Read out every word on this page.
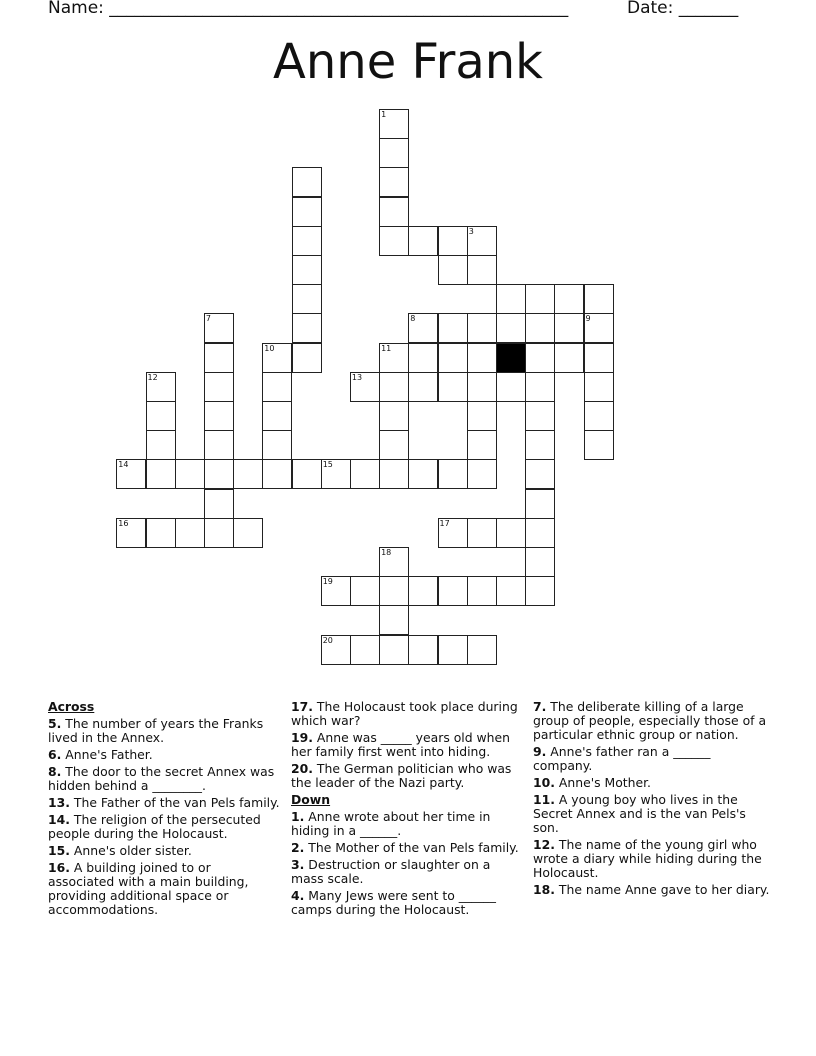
Name: ______________________________________________________	Date: _______
Anne Frank
1
3
8	9
11
13
7
10
12
14
16
15
17
18
19
20
Across
5. The number of years the Franks lived in the Annex.
6. Anne's Father.
8. The door to the secret Annex was hidden behind a ________.
13. The Father of the van Pels family.
14. The religion of the persecuted people during the Holocaust.
15. Anne's older sister.
16. A building joined to or associated with a main building, providing additional space or accommodations.
17. The Holocaust took place during which war?
19. Anne was _____ years old when her family first went into hiding.
20. The German politician who was the leader of the Nazi party.
Down
1. Anne wrote about her time in hiding in a ______.
2. The Mother of the van Pels family.
3. Destruction or slaughter on a mass scale.
4. Many Jews were sent to ______ camps during the Holocaust.
7. The deliberate killing of a large group of people, especially those of a particular ethnic group or nation.
9. Anne's father ran a ______ company.
10. Anne's Mother.
11. A young boy who lives in the Secret Annex and is the van Pels's son.
12. The name of the young girl who wrote a diary while hiding during the Holocaust.
18. The name Anne gave to her diary.
